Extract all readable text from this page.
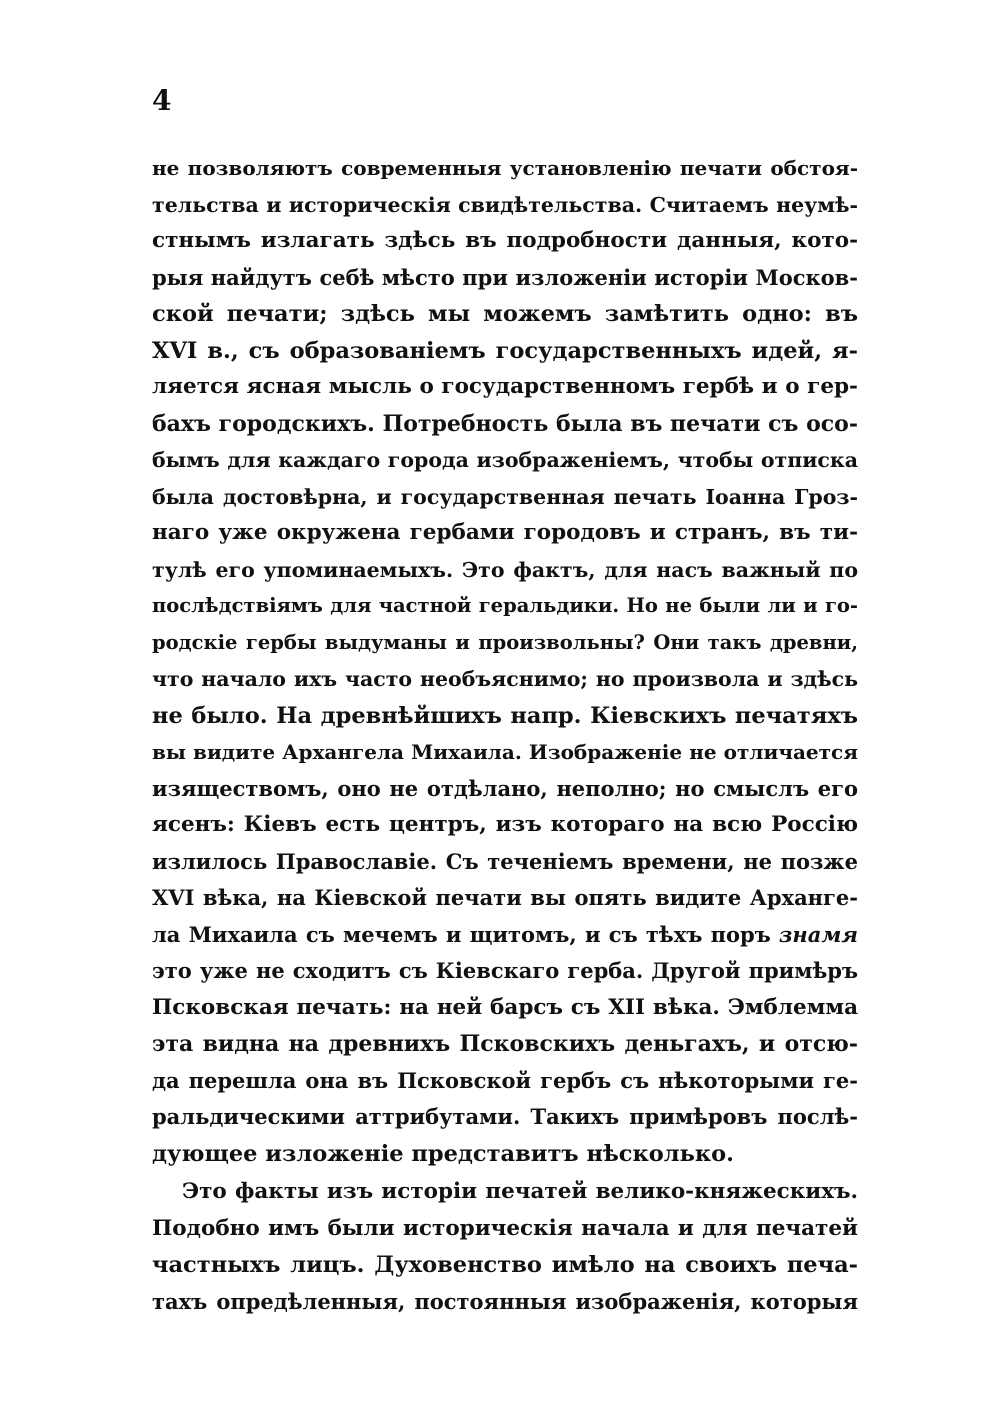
4
не позволяютъ современныя установленію печати обстоя-
тельства и историческія свидѣтельства. Считаемъ неумѣ-
стнымъ излагать здѣсь въ подробности данныя, кото-
рыя найдутъ себѣ мѣсто при изложеніи исторіи Москов-
ской печати; здѣсь мы можемъ замѣтить одно: въ
XVI в., съ образованіемъ государственныхъ идей, я-
ляется ясная мысль о государственномъ гербѣ и о гер-
бахъ городскихъ. Потребность была въ печати съ осо-
бымъ для каждаго города изображеніемъ, чтобы отписка
была достовѣрна, и государственная печать Іоанна Гроз-
наго уже окружена гербами городовъ и странъ, въ ти-
тулѣ его упоминаемыхъ. Это фактъ, для насъ важный по
послѣдствіямъ для частной геральдики. Но не были ли и го-
родскіе гербы выдуманы и произвольны? Они такъ древни,
что начало ихъ часто необъяснимо; но произвола и здѣсь
не было. На древнѣйшихъ напр. Кіевскихъ печатяхъ
вы видите Архангела Михаила. Изображеніе не отличается
изяществомъ, оно не отдѣлано, неполно; но смыслъ его
ясенъ: Кіевъ есть центръ, изъ котораго на всю Россію
излилось Православіе. Съ теченіемъ времени, не позже
XVI вѣка, на Кіевской печати вы опять видите Арханге-
ла Михаила съ мечемъ и щитомъ, и съ тѣхъ поръ знамя
это уже не сходитъ съ Кіевскаго герба. Другой примѣръ
Псковская печать: на ней барсъ съ XII вѣка. Эмблемма
эта видна на древнихъ Псковскихъ деньгахъ, и отсю-
да перешла она въ Псковской гербъ съ нѣкоторыми ге-
ральдическими аттрибутами. Такихъ примѣровъ послѣ-
дующее изложеніе представитъ нѣсколько.
Это факты изъ исторіи печатей велико-княжескихъ.
Подобно имъ были историческія начала и для печатей
частныхъ лицъ. Духовенство имѣло на своихъ печа-
тахъ опредѣленныя, постоянныя изображенія, которыя
